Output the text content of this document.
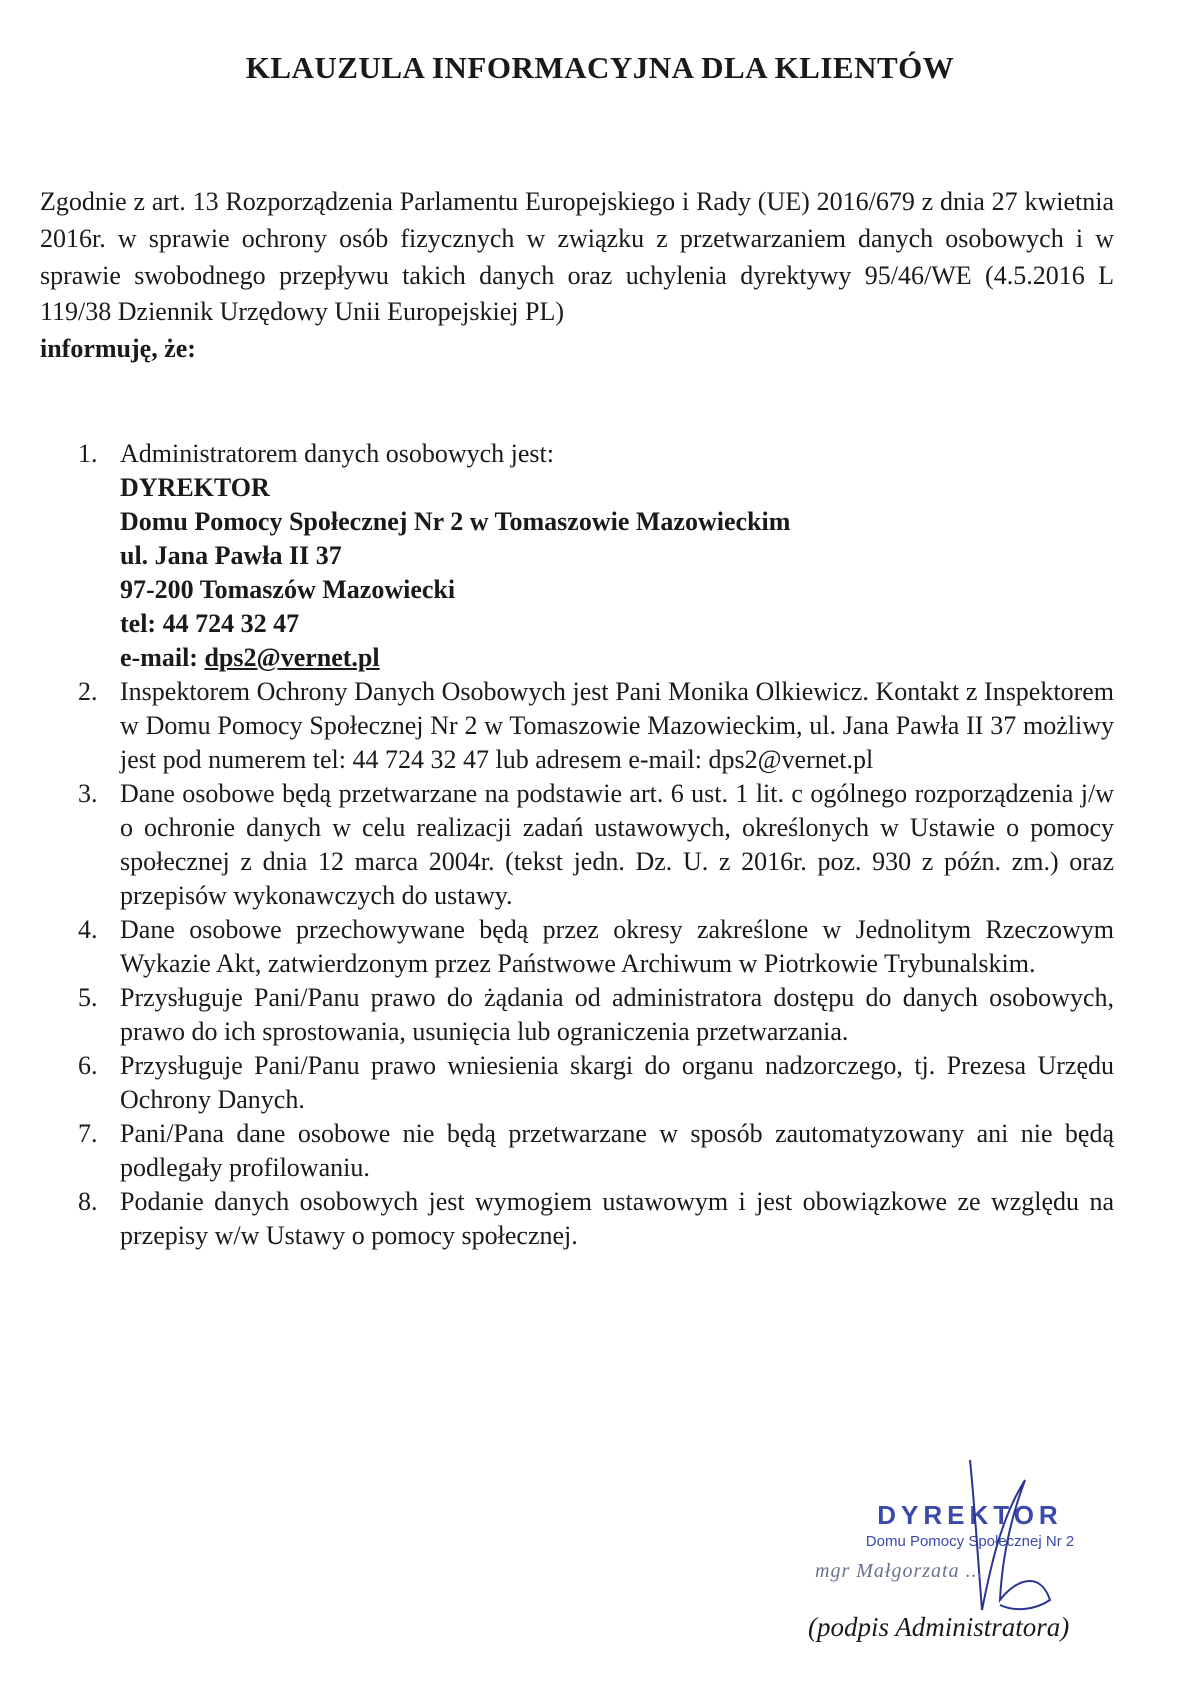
KLAUZULA INFORMACYJNA DLA KLIENTÓW
Zgodnie z art. 13 Rozporządzenia Parlamentu Europejskiego i Rady (UE) 2016/679 z dnia 27 kwietnia 2016r. w sprawie ochrony osób fizycznych w związku z przetwarzaniem danych osobowych i w sprawie swobodnego przepływu takich danych oraz uchylenia dyrektywy 95/46/WE (4.5.2016 L 119/38 Dziennik Urzędowy Unii Europejskiej PL)
informuję, że:
1. Administratorem danych osobowych jest:
DYREKTOR
Domu Pomocy Społecznej Nr 2 w Tomaszowie Mazowieckim
ul. Jana Pawła II 37
97-200 Tomaszów Mazowiecki
tel: 44 724 32 47
e-mail: dps2@vernet.pl
2. Inspektorem Ochrony Danych Osobowych jest Pani Monika Olkiewicz. Kontakt z Inspektorem w Domu Pomocy Społecznej Nr 2 w Tomaszowie Mazowieckim, ul. Jana Pawła II 37 możliwy jest pod numerem tel: 44 724 32 47 lub adresem e-mail: dps2@vernet.pl
3. Dane osobowe będą przetwarzane na podstawie art. 6 ust. 1 lit. c ogólnego rozporządzenia j/w o ochronie danych w celu realizacji zadań ustawowych, określonych w Ustawie o pomocy społecznej z dnia 12 marca 2004r. (tekst jedn. Dz. U. z 2016r. poz. 930 z późn. zm.) oraz przepisów wykonawczych do ustawy.
4. Dane osobowe przechowywane będą przez okresy zakreślone w Jednolitym Rzeczowym Wykazie Akt, zatwierdzonym przez Państwowe Archiwum w Piotrkowie Trybunalskim.
5. Przysługuje Pani/Panu prawo do żądania od administratora dostępu do danych osobowych, prawo do ich sprostowania, usunięcia lub ograniczenia przetwarzania.
6. Przysługuje Pani/Panu prawo wniesienia skargi do organu nadzorczego, tj. Prezesa Urzędu Ochrony Danych.
7. Pani/Pana dane osobowe nie będą przetwarzane w sposób zautomatyzowany ani nie będą podlegały profilowaniu.
8. Podanie danych osobowych jest wymogiem ustawowym i jest obowiązkowe ze względu na przepisy w/w Ustawy o pomocy społecznej.
DYREKTOR
Domu Pomocy Społecznej Nr 2
mgr Małgorzata ...
(podpis Administratora)
